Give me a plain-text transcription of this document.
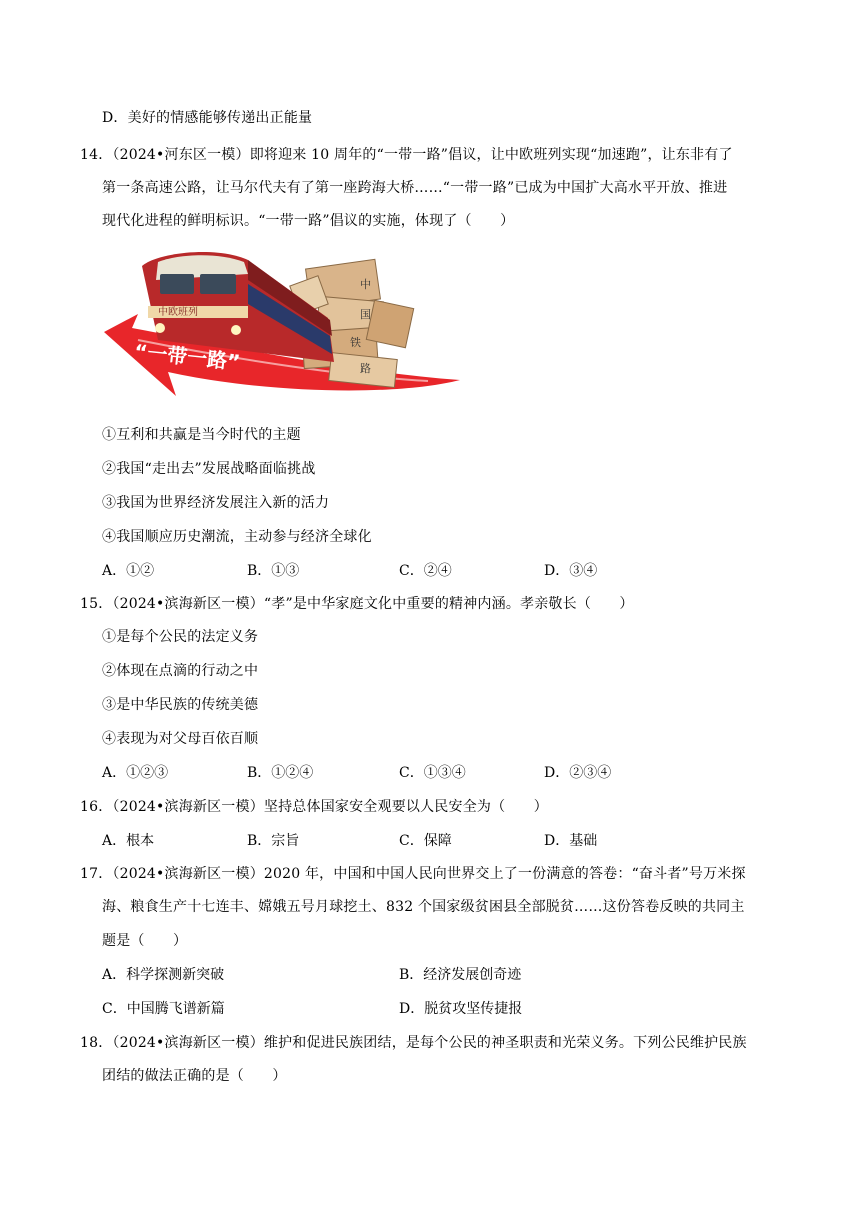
D．美好的情感能够传递出正能量
14．（2024•河东区一模）即将迎来 10 周年的“一带一路”倡议，让中欧班列实现“加速跑”，让东非有了
第一条高速公路，让马尔代夫有了第一座跨海大桥……“一带一路”已成为中国扩大高水平开放、推进
现代化进程的鲜明标识。“一带一路”倡议的实施，体现了（　　）
中
国
铁
路
中欧班列
“一带一路”
①互利和共赢是当今时代的主题
②我国“走出去”发展战略面临挑战
③我国为世界经济发展注入新的活力
④我国顺应历史潮流，主动参与经济全球化
A．①②	B．①③	C．②④	D．③④
15．（2024•滨海新区一模）“孝”是中华家庭文化中重要的精神内涵。孝亲敬长（　　）
①是每个公民的法定义务
②体现在点滴的行动之中
③是中华民族的传统美德
④表现为对父母百依百顺
A．①②③	B．①②④	C．①③④	D．②③④
16．（2024•滨海新区一模）坚持总体国家安全观要以人民安全为（　　）
A．根本	B．宗旨	C．保障	D．基础
17．（2024•滨海新区一模）2020 年，中国和中国人民向世界交上了一份满意的答卷：“奋斗者”号万米探
海、粮食生产十七连丰、嫦娥五号月球挖土、832 个国家级贫困县全部脱贫……这份答卷反映的共同主
题是（　　）
A．科学探测新突破	B．经济发展创奇迹
C．中国腾飞谱新篇	D．脱贫攻坚传捷报
18．（2024•滨海新区一模）维护和促进民族团结，是每个公民的神圣职责和光荣义务。下列公民维护民族
团结的做法正确的是（　　）
